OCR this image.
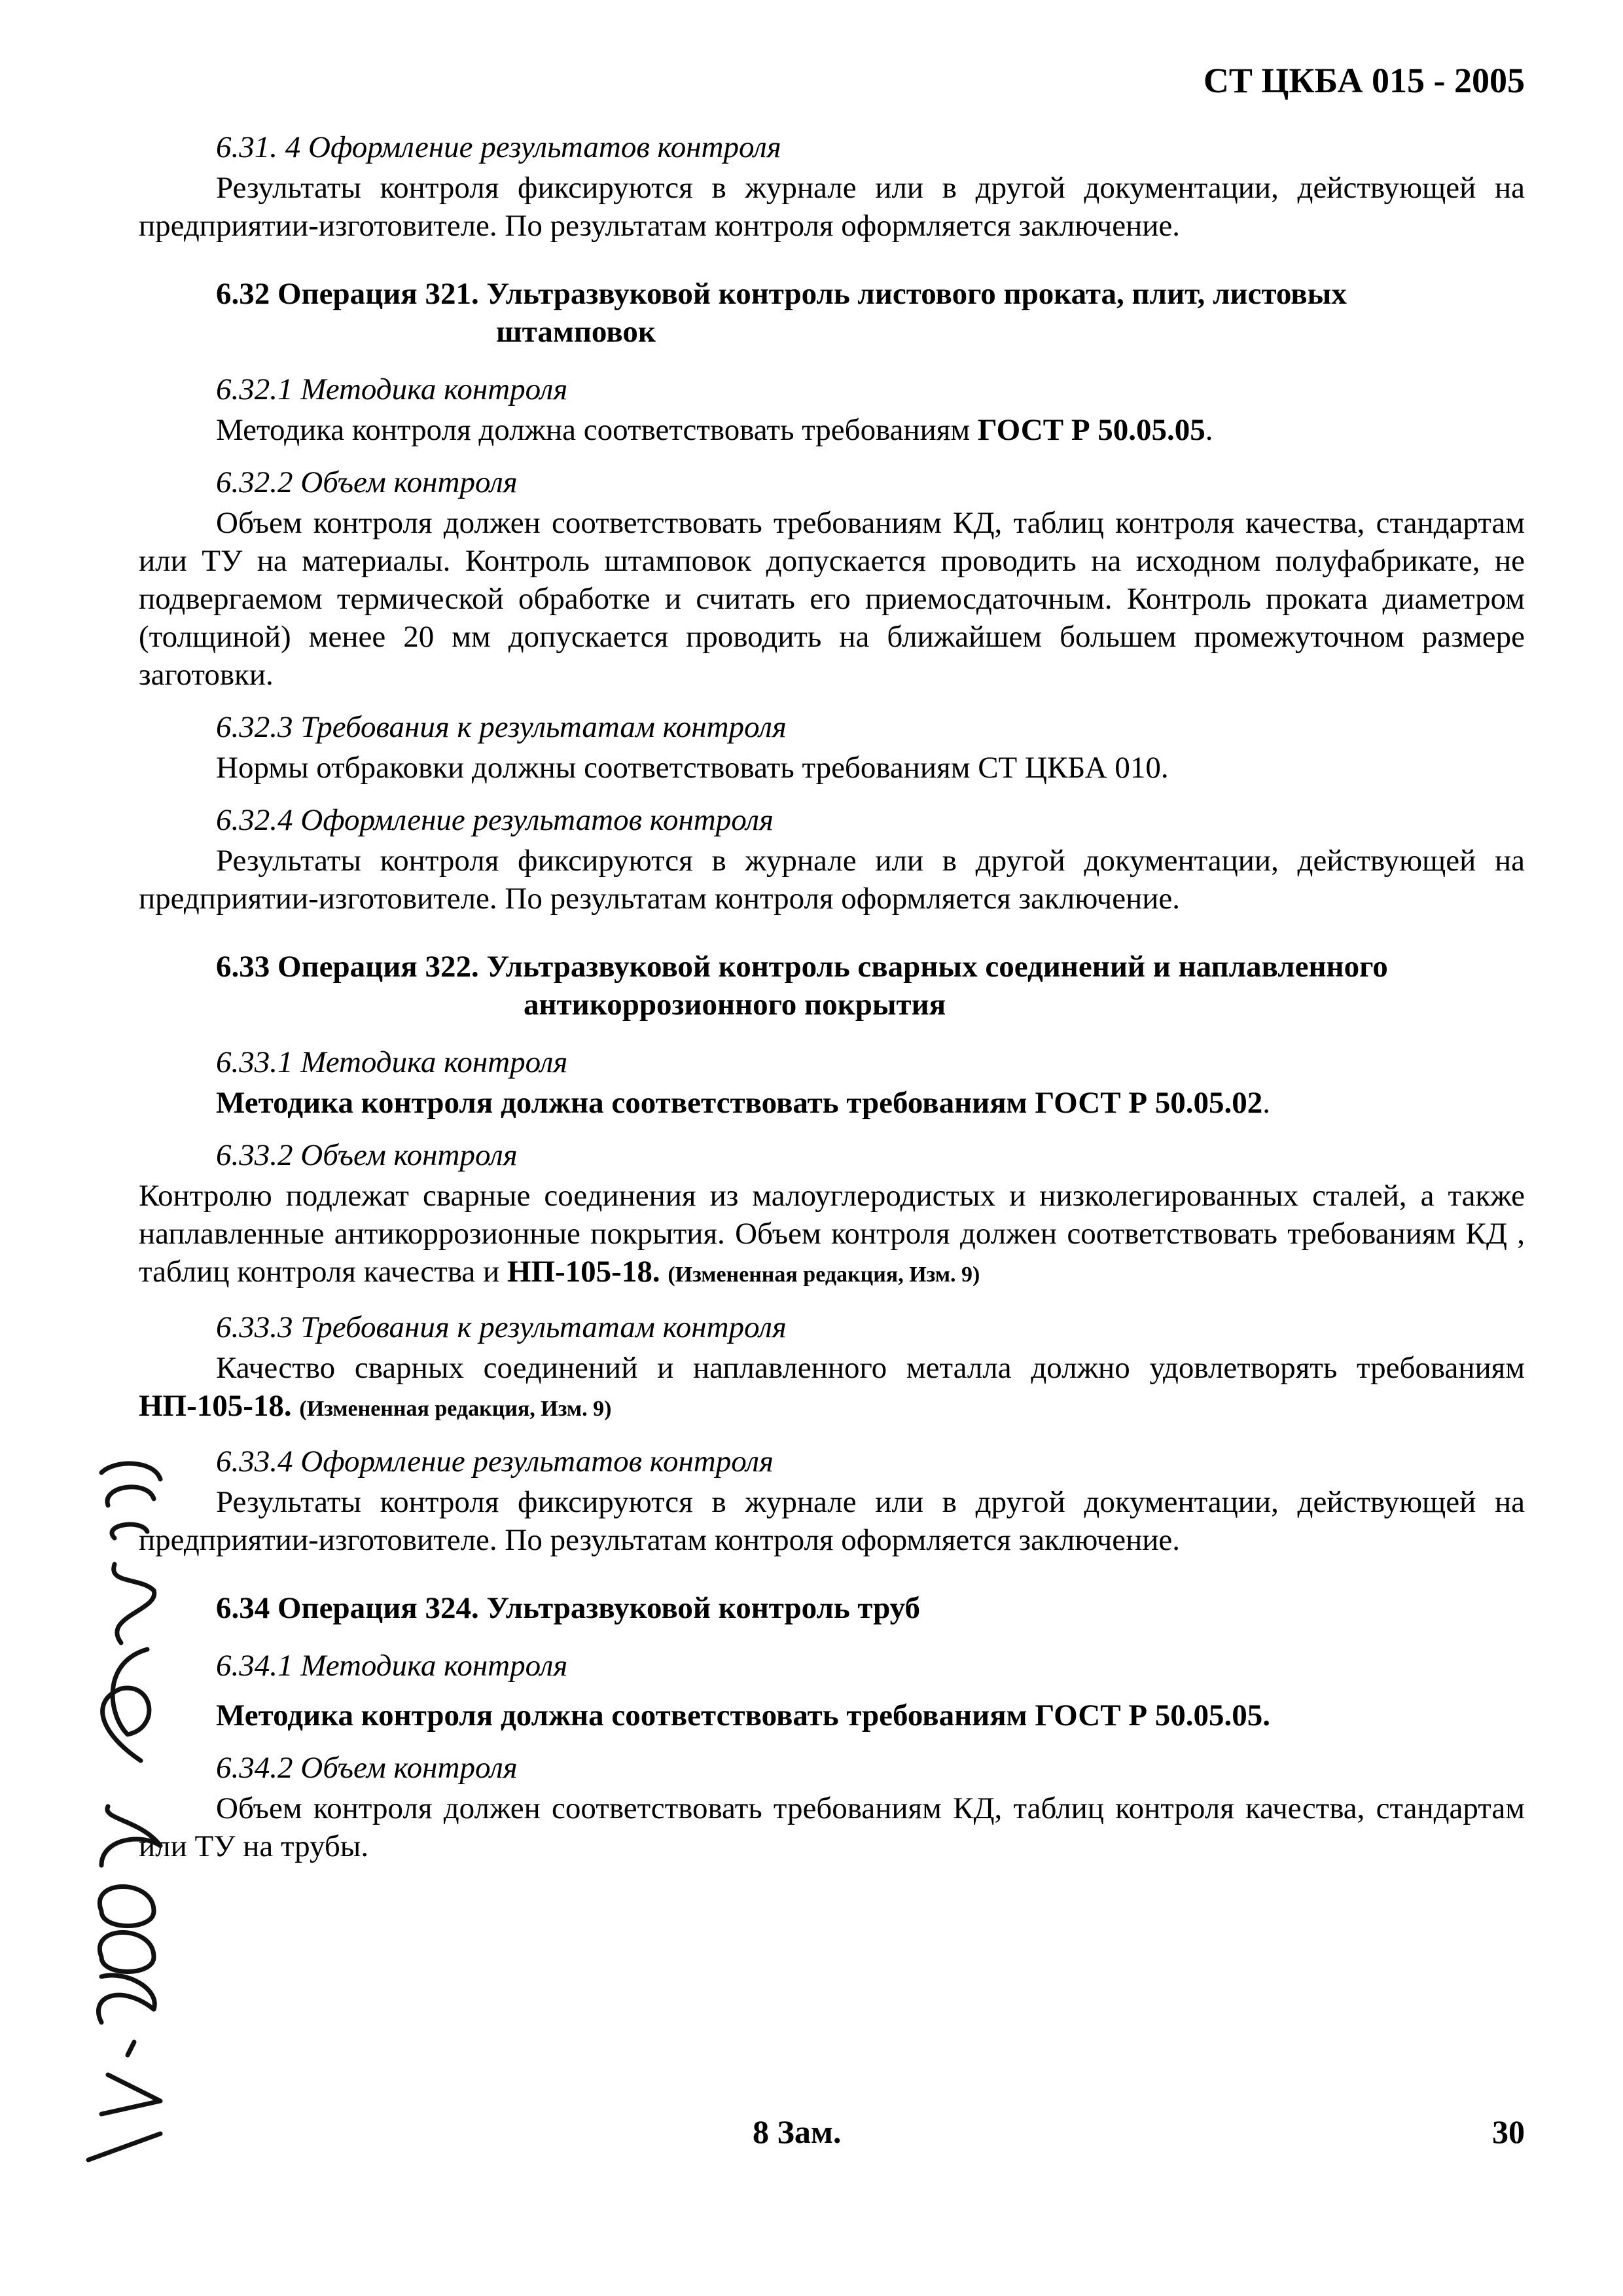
СТ ЦКБА 015 - 2005
6.31. 4 Оформление результатов контроля

Результаты контроля фиксируются в журнале или в другой документации, действующей на предприятии-изготовителе. По результатам контроля оформляется заключение.

6.32 Операция 321. Ультразвуковой контроль листового проката, плит, листовых
штамповок
6.32.1 Методика контроля

Методика контроля должна соответствовать требованиям ГОСТ Р 50.05.05.

6.32.2 Объем контроля

Объем контроля должен соответствовать требованиям КД, таблиц контроля качества, стандартам или ТУ на материалы. Контроль штамповок допускается проводить на исходном полуфабрикате, не подвергаемом термической обработке и считать его приемосдаточным. Контроль проката диаметром (толщиной) менее 20 мм допускается проводить на ближайшем большем промежуточном размере заготовки.

6.32.3 Требования к результатам контроля

Нормы отбраковки должны соответствовать требованиям СТ ЦКБА 010.

6.32.4 Оформление результатов контроля

Результаты контроля фиксируются в журнале или в другой документации, действующей на предприятии-изготовителе. По результатам контроля оформляется заключение.

6.33 Операция 322. Ультразвуковой контроль сварных соединений и наплавленного
антикоррозионного покрытия
6.33.1 Методика контроля

Методика контроля должна соответствовать требованиям ГОСТ Р 50.05.02.

6.33.2 Объем контроля

Контролю подлежат сварные соединения из малоуглеродистых и низколегированных сталей, а также наплавленные антикоррозионные покрытия. Объем контроля должен соответствовать требованиям КД , таблиц контроля качества и НП-105-18. (Измененная редакция, Изм. 9)

6.33.3 Требования к результатам контроля

Качество сварных соединений и наплавленного металла должно удовлетворять требованиям НП-105-18. (Измененная редакция, Изм. 9)

6.33.4 Оформление результатов контроля

Результаты контроля фиксируются в журнале или в другой документации, действующей на предприятии-изготовителе. По результатам контроля оформляется заключение.

6.34 Операция 324. Ультразвуковой контроль труб
6.34.1 Методика контроля

Методика контроля должна соответствовать требованиям ГОСТ Р 50.05.05.

6.34.2 Объем контроля

Объем контроля должен соответствовать требованиям КД, таблиц контроля качества, стандартам или ТУ на трубы.

8 Зам.	30
